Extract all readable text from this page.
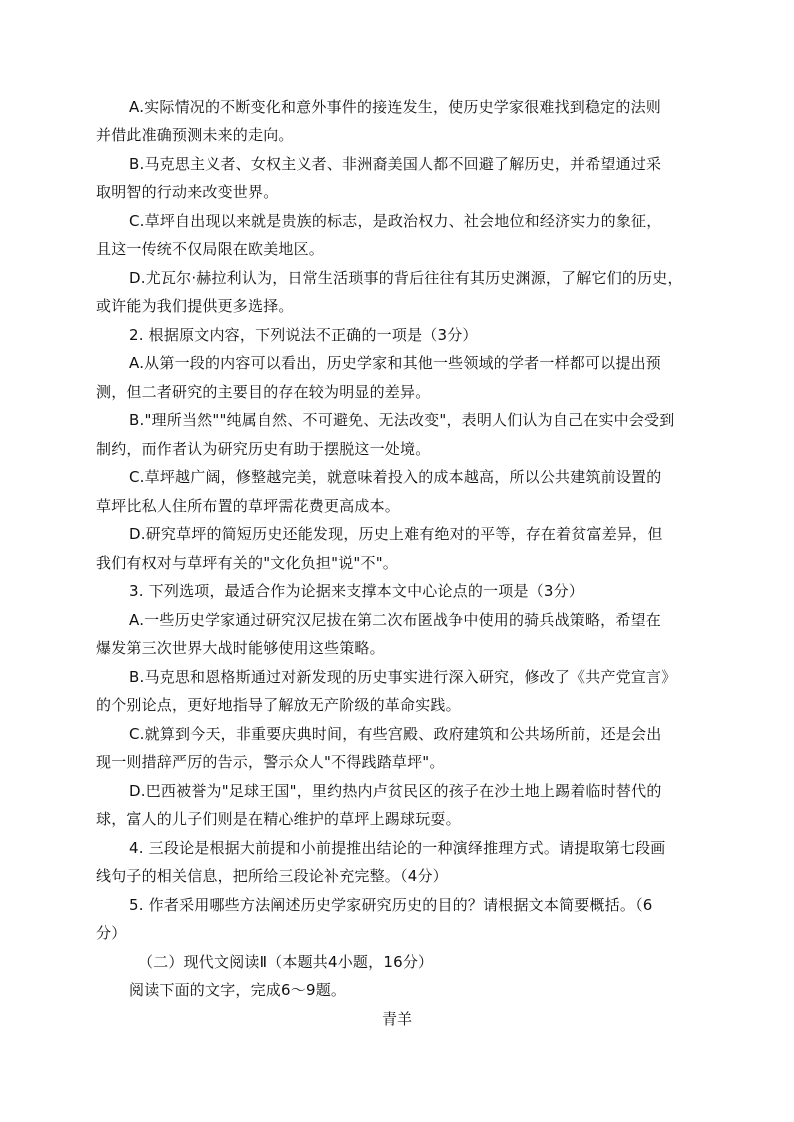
A.实际情况的不断变化和意外事件的接连发生，使历史学家很难找到稳定的法则
并借此准确预测未来的走向。
B.马克思主义者、女权主义者、非洲裔美国人都不回避了解历史，并希望通过采
取明智的行动来改变世界。
C.草坪自出现以来就是贵族的标志，是政治权力、社会地位和经济实力的象征，
且这一传统不仅局限在欧美地区。
D.尤瓦尔·赫拉利认为，日常生活琐事的背后往往有其历史渊源，了解它们的历史，
或许能为我们提供更多选择。
2. 根据原文内容，下列说法不正确的一项是（3分）
A.从第一段的内容可以看出，历史学家和其他一些领域的学者一样都可以提出预
测，但二者研究的主要目的存在较为明显的差异。
B."理所当然""纯属自然、不可避免、无法改变"，表明人们认为自己在实中会受到
制约，而作者认为研究历史有助于摆脱这一处境。
C.草坪越广阔，修整越完美，就意味着投入的成本越高，所以公共建筑前设置的
草坪比私人住所布置的草坪需花费更高成本。
D.研究草坪的简短历史还能发现，历史上难有绝对的平等，存在着贫富差异，但
我们有权对与草坪有关的"文化负担"说"不"。
3. 下列选项，最适合作为论据来支撑本文中心论点的一项是（3分）
A.一些历史学家通过研究汉尼拔在第二次布匿战争中使用的骑兵战策略，希望在
爆发第三次世界大战时能够使用这些策略。
B.马克思和恩格斯通过对新发现的历史事实进行深入研究，修改了《共产党宣言》
的个别论点，更好地指导了解放无产阶级的革命实践。
C.就算到今天，非重要庆典时间，有些宫殿、政府建筑和公共场所前，还是会出
现一则措辞严厉的告示，警示众人"不得践踏草坪"。
D.巴西被誉为"足球王国"，里约热内卢贫民区的孩子在沙土地上踢着临时替代的
球，富人的儿子们则是在精心维护的草坪上踢球玩耍。
4. 三段论是根据大前提和小前提推出结论的一种演绎推理方式。请提取第七段画
线句子的相关信息，把所给三段论补充完整。（4分）
5. 作者采用哪些方法阐述历史学家研究历史的目的？请根据文本简要概括。（6
分）
（二）现代文阅读Ⅱ（本题共4小题，16分）
阅读下面的文字，完成6～9题。
青羊
